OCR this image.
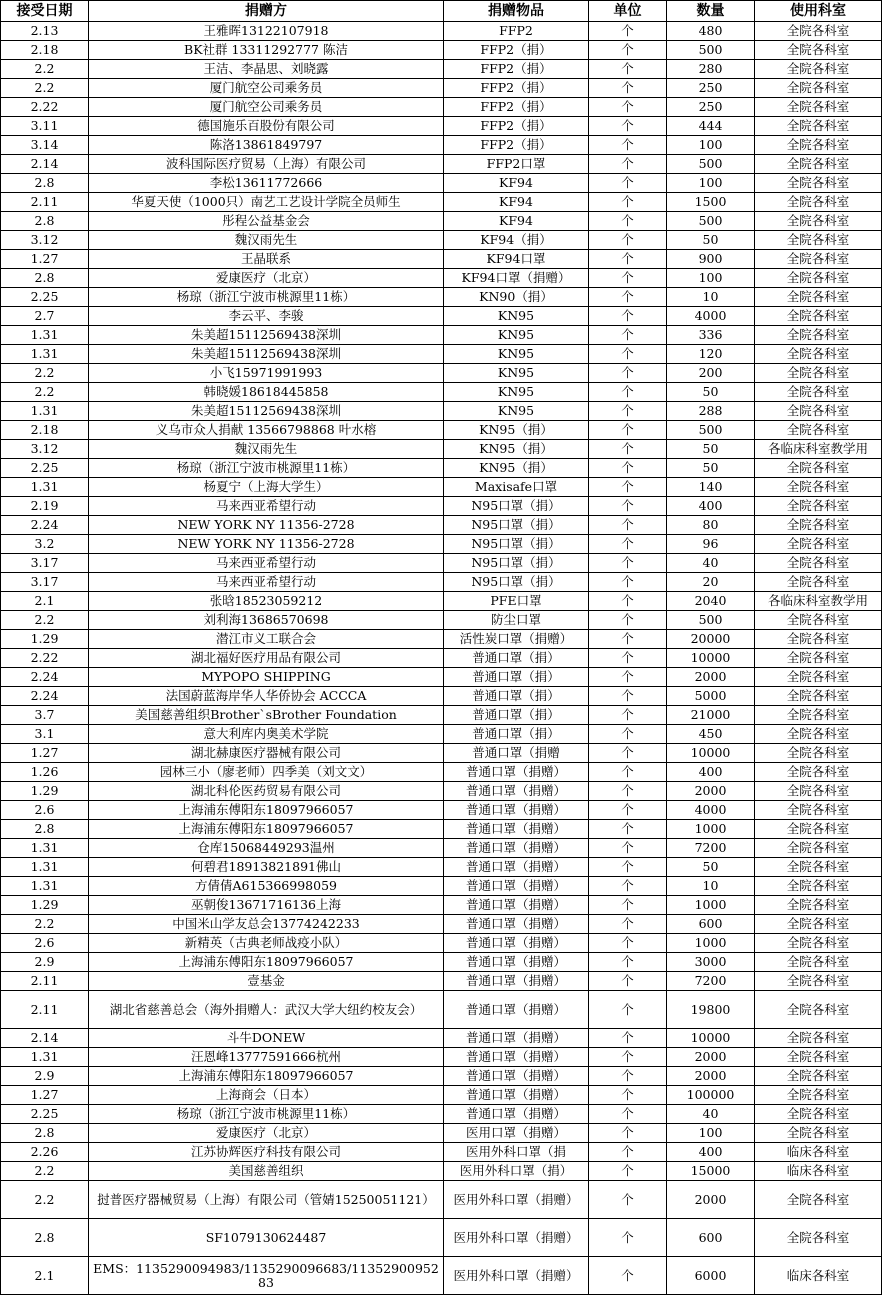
接受日期	捐赠方	捐赠物品	单位	数量	使用科室
2.13	王雅晖13122107918	FFP2	个	480	全院各科室
2.18	BK社群 13311292777 陈洁	FFP2（捐）	个	500	全院各科室
2.2	王洁、李晶思、刘晓露	FFP2（捐）	个	280	全院各科室
2.2	厦门航空公司乘务员	FFP2（捐）	个	250	全院各科室
2.22	厦门航空公司乘务员	FFP2（捐）	个	250	全院各科室
3.11	德国施乐百股份有限公司	FFP2（捐）	个	444	全院各科室
3.14	陈洛13861849797	FFP2（捐）	个	100	全院各科室
2.14	波科国际医疗贸易（上海）有限公司	FFP2口罩	个	500	全院各科室
2.8	李松13611772666	KF94	个	100	全院各科室
2.11	华夏天使（1000只）南艺工艺设计学院全员师生	KF94	个	1500	全院各科室
2.8	彤程公益基金会	KF94	个	500	全院各科室
3.12	魏汉雨先生	KF94（捐）	个	50	全院各科室
1.27	王晶联系	KF94口罩	个	900	全院各科室
2.8	爱康医疗（北京）	KF94口罩（捐赠）	个	100	全院各科室
2.25	杨琼（浙江宁波市桃源里11栋）	KN90（捐）	个	10	全院各科室
2.7	李云平、李骏	KN95	个	4000	全院各科室
1.31	朱美超15112569438深圳	KN95	个	336	全院各科室
1.31	朱美超15112569438深圳	KN95	个	120	全院各科室
2.2	小飞15971991993	KN95	个	200	全院各科室
2.2	韩晓媛18618445858	KN95	个	50	全院各科室
1.31	朱美超15112569438深圳	KN95	个	288	全院各科室
2.18	义乌市众人捐献 13566798868 叶水榕	KN95（捐）	个	500	全院各科室
3.12	魏汉雨先生	KN95（捐）	个	50	各临床科室教学用
2.25	杨琼（浙江宁波市桃源里11栋）	KN95（捐）	个	50	全院各科室
1.31	杨夏宁（上海大学生）	Maxisafe口罩	个	140	全院各科室
2.19	马来西亚希望行动	N95口罩（捐）	个	400	全院各科室
2.24	NEW YORK NY 11356-2728	N95口罩（捐）	个	80	全院各科室
3.2	NEW YORK NY 11356-2728	N95口罩（捐）	个	96	全院各科室
3.17	马来西亚希望行动	N95口罩（捐）	个	40	全院各科室
3.17	马来西亚希望行动	N95口罩（捐）	个	20	全院各科室
2.1	张晗18523059212	PFE口罩	个	2040	各临床科室教学用
2.2	刘利海13686570698	防尘口罩	个	500	全院各科室
1.29	潜江市义工联合会	活性炭口罩（捐赠）	个	20000	全院各科室
2.22	湖北福好医疗用品有限公司	普通口罩（捐）	个	10000	全院各科室
2.24	MYPOPO SHIPPING	普通口罩（捐）	个	2000	全院各科室
2.24	法国蔚蓝海岸华人华侨协会 ACCCA	普通口罩（捐）	个	5000	全院各科室
3.7	美国慈善组织Brother`sBrother Foundation	普通口罩（捐）	个	21000	全院各科室
3.1	意大利库内奥美术学院	普通口罩（捐）	个	450	全院各科室
1.27	湖北赫康医疗器械有限公司	普通口罩（捐赠	个	10000	全院各科室
1.26	园林三小（廖老师）四季美（刘文文）	普通口罩（捐赠）	个	400	全院各科室
1.29	湖北科伦医药贸易有限公司	普通口罩（捐赠）	个	2000	全院各科室
2.6	上海浦东傅阳东18097966057	普通口罩（捐赠）	个	4000	全院各科室
2.8	上海浦东傅阳东18097966057	普通口罩（捐赠）	个	1000	全院各科室
1.31	仓库15068449293温州	普通口罩（捐赠）	个	7200	全院各科室
1.31	何碧君18913821891佛山	普通口罩（捐赠）	个	50	全院各科室
1.31	方倩倩A615366998059	普通口罩（捐赠）	个	10	全院各科室
1.29	巫朝俊13671716136上海	普通口罩（捐赠）	个	1000	全院各科室
2.2	中国米山学友总会13774242233	普通口罩（捐赠）	个	600	全院各科室
2.6	新精英（古典老师战疫小队）	普通口罩（捐赠）	个	1000	全院各科室
2.9	上海浦东傅阳东18097966057	普通口罩（捐赠）	个	3000	全院各科室
2.11	壹基金	普通口罩（捐赠）	个	7200	全院各科室
2.11	湖北省慈善总会（海外捐赠人：武汉大学大纽约校友会）	普通口罩（捐赠）	个	19800	全院各科室
2.14	斗牛DONEW	普通口罩（捐赠）	个	10000	全院各科室
1.31	汪恩峰13777591666杭州	普通口罩（捐赠）	个	2000	全院各科室
2.9	上海浦东傅阳东18097966057	普通口罩（捐赠）	个	2000	全院各科室
1.27	上海商会（日本）	普通口罩（捐赠）	个	100000	全院各科室
2.25	杨琼（浙江宁波市桃源里11栋）	普通口罩（捐赠）	个	40	全院各科室
2.8	爱康医疗（北京）	医用口罩（捐赠）	个	100	全院各科室
2.26	江苏协辉医疗科技有限公司	医用外科口罩（捐	个	400	临床各科室
2.2	美国慈善组织	医用外科口罩（捐）	个	15000	临床各科室
2.2	挝普医疗器械贸易（上海）有限公司（管婧15250051121）	医用外科口罩（捐赠）	个	2000	全院各科室
2.8	SF1079130624487	医用外科口罩（捐赠）	个	600	全院各科室
2.1	EMS：1135290094983/1135290096683/1135290095283	医用外科口罩（捐赠）	个	6000	临床各科室
